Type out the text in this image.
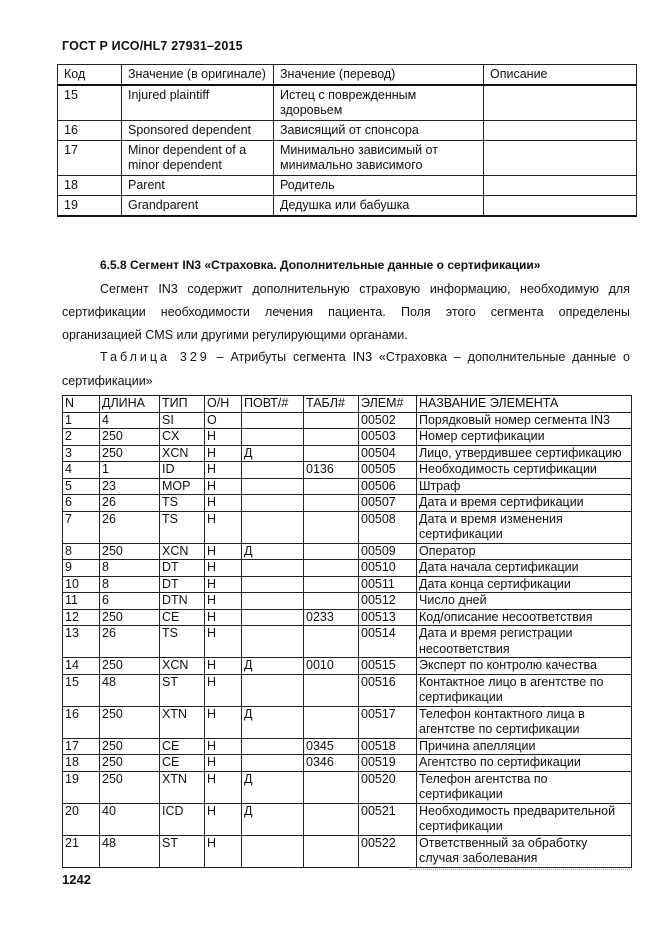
ГОСТ Р ИСО/HL7 27931–2015
Код	Значение (в оригинале)	Значение (перевод)	Описание
15	Injured plaintiff	Истец с поврежденным здоровьем	
16	Sponsored dependent	Зависящий от спонсора	
17	Minor dependent of a minor dependent	Минимально зависимый от минимально зависимого	
18	Parent	Родитель	
19	Grandparent	Дедушка или бабушка	
6.5.8 Сегмент IN3 «Страховка. Дополнительные данные о сертификации»
Сегмент IN3 содержит дополнительную страховую информацию, необходимую для сертификации необходимости лечения пациента. Поля этого сегмента определены организацией CMS или другими регулирующими органами.
Таблица 329 – Атрибуты сегмента IN3 «Страховка – дополнительные данные о сертификации»
N	ДЛИНА	ТИП	О/Н	ПОВТ/#	ТАБЛ#	ЭЛЕМ#	НАЗВАНИЕ ЭЛЕМЕНТА
1	4	SI	О			00502	Порядковый номер сегмента IN3
2	250	CX	Н			00503	Номер сертификации
3	250	XCN	Н	Д		00504	Лицо, утвердившее сертификацию
4	1	ID	Н		0136	00505	Необходимость сертификации
5	23	MOP	Н			00506	Штраф
6	26	TS	Н			00507	Дата и время сертификации
7	26	TS	Н			00508	Дата и время изменения сертификации
8	250	XCN	Н	Д		00509	Оператор
9	8	DT	Н			00510	Дата начала сертификации
10	8	DT	Н			00511	Дата конца сертификации
11	6	DTN	Н			00512	Число дней
12	250	CE	Н		0233	00513	Код/описание несоответствия
13	26	TS	Н			00514	Дата и время регистрации несоответствия
14	250	XCN	Н	Д	0010	00515	Эксперт по контролю качества
15	48	ST	Н			00516	Контактное лицо в агентстве по сертификации
16	250	XTN	Н	Д		00517	Телефон контактного лица в агентстве по сертификации
17	250	CE	Н		0345	00518	Причина апелляции
18	250	CE	Н		0346	00519	Агентство по сертификации
19	250	XTN	Н	Д		00520	Телефон агентства по сертификации
20	40	ICD	Н	Д		00521	Необходимость предварительной сертификации
21	48	ST	Н			00522	Ответственный за обработку случая заболевания
1242
